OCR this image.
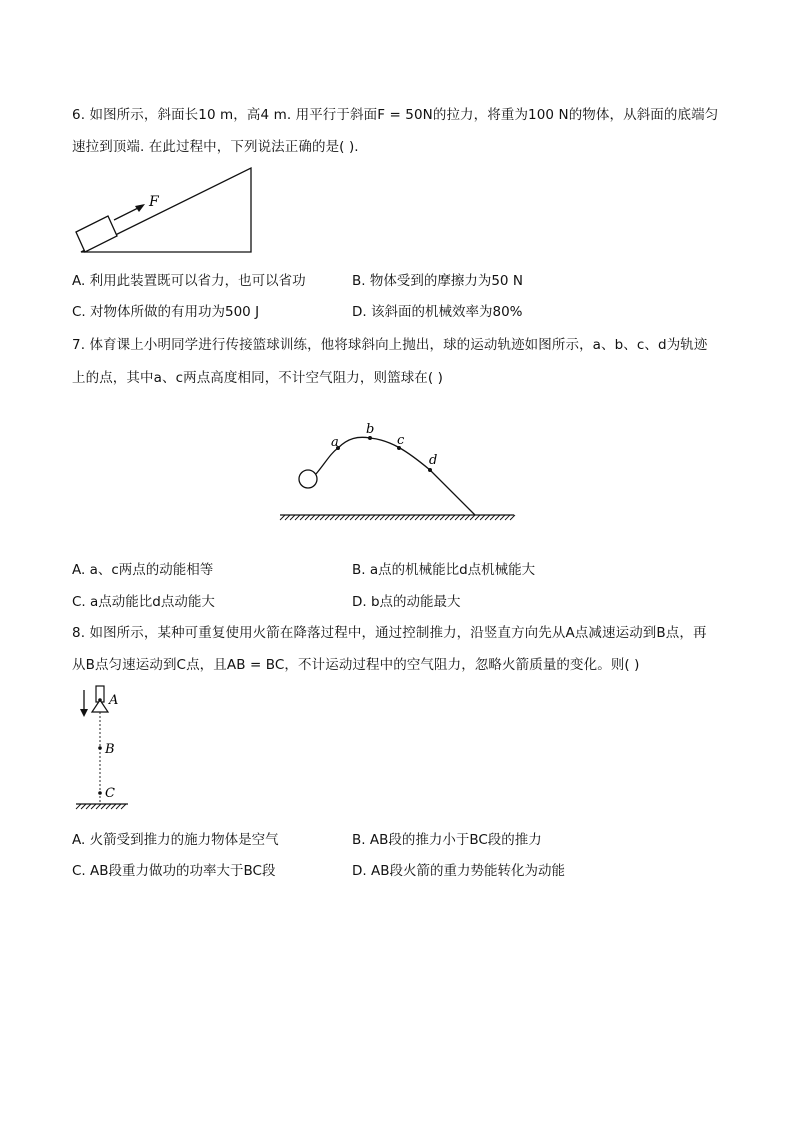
6. 如图所示，斜面长10 m，高4 m. 用平行于斜面F = 50N的拉力，将重为100 N的物体，从斜面的底端匀
速拉到顶端. 在此过程中，下列说法正确的是( ).
F
A. 利用此装置既可以省力，也可以省功	B. 物体受到的摩擦力为50 N
C. 对物体所做的有用功为500 J	D. 该斜面的机械效率为80%
7. 体育课上小明同学进行传接篮球训练，他将球斜向上抛出，球的运动轨迹如图所示，a、b、c、d为轨迹
上的点，其中a、c两点高度相同，不计空气阻力，则篮球在( )
a
b
c
d
A. a、c两点的动能相等	B. a点的机械能比d点机械能大
C. a点动能比d点动能大	D. b点的动能最大
8. 如图所示，某种可重复使用火箭在降落过程中，通过控制推力，沿竖直方向先从A点减速运动到B点，再
从B点匀速运动到C点，且AB = BC，不计运动过程中的空气阻力，忽略火箭质量的变化。则( )
A
B
C
A. 火箭受到推力的施力物体是空气	B. AB段的推力小于BC段的推力
C. AB段重力做功的功率大于BC段	D. AB段火箭的重力势能转化为动能
